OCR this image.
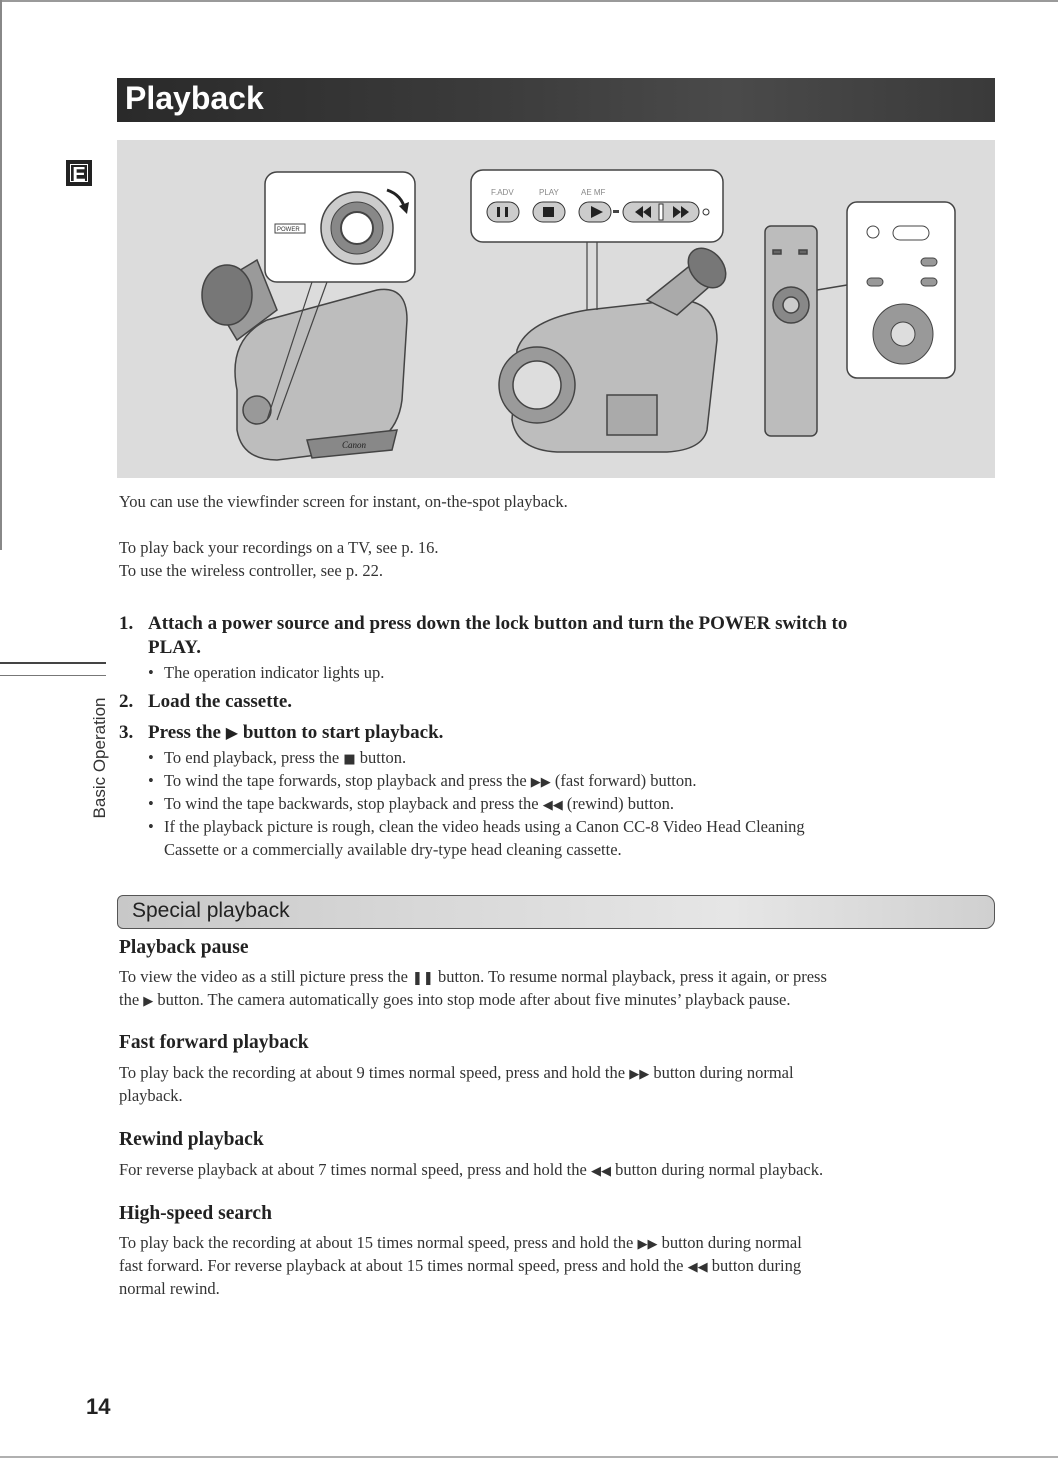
Playback
E
Canon
POWER
F.ADV	PLAY	AE MF
Basic Operation
You can use the viewfinder screen for instant, on-the-spot playback.
To play back your recordings on a TV, see p. 16.
To use the wireless controller, see p. 22.
1. Attach a power source and press down the lock button and turn the POWER switch to
PLAY.
• The operation indicator lights up.
2. Load the cassette.
3. Press the ▶ button to start playback.
• To end playback, press the ■ button.
• To wind the tape forwards, stop playback and press the ▶▶ (fast forward) button.
• To wind the tape backwards, stop playback and press the ◀◀ (rewind) button.
• If the playback picture is rough, clean the video heads using a Canon CC-8 Video Head Cleaning
Cassette or a commercially available dry-type head cleaning cassette.
Special playback
Playback pause
To view the video as a still picture press the ❚❚ button. To resume normal playback, press it again, or press
the ▶ button. The camera automatically goes into stop mode after about five minutes’ playback pause.
Fast forward playback
To play back the recording at about 9 times normal speed, press and hold the ▶▶ button during normal
playback.
Rewind playback
For reverse playback at about 7 times normal speed, press and hold the ◀◀ button during normal playback.
High-speed search
To play back the recording at about 15 times normal speed, press and hold the ▶▶ button during normal
fast forward. For reverse playback at about 15 times normal speed, press and hold the ◀◀ button during
normal rewind.
14
